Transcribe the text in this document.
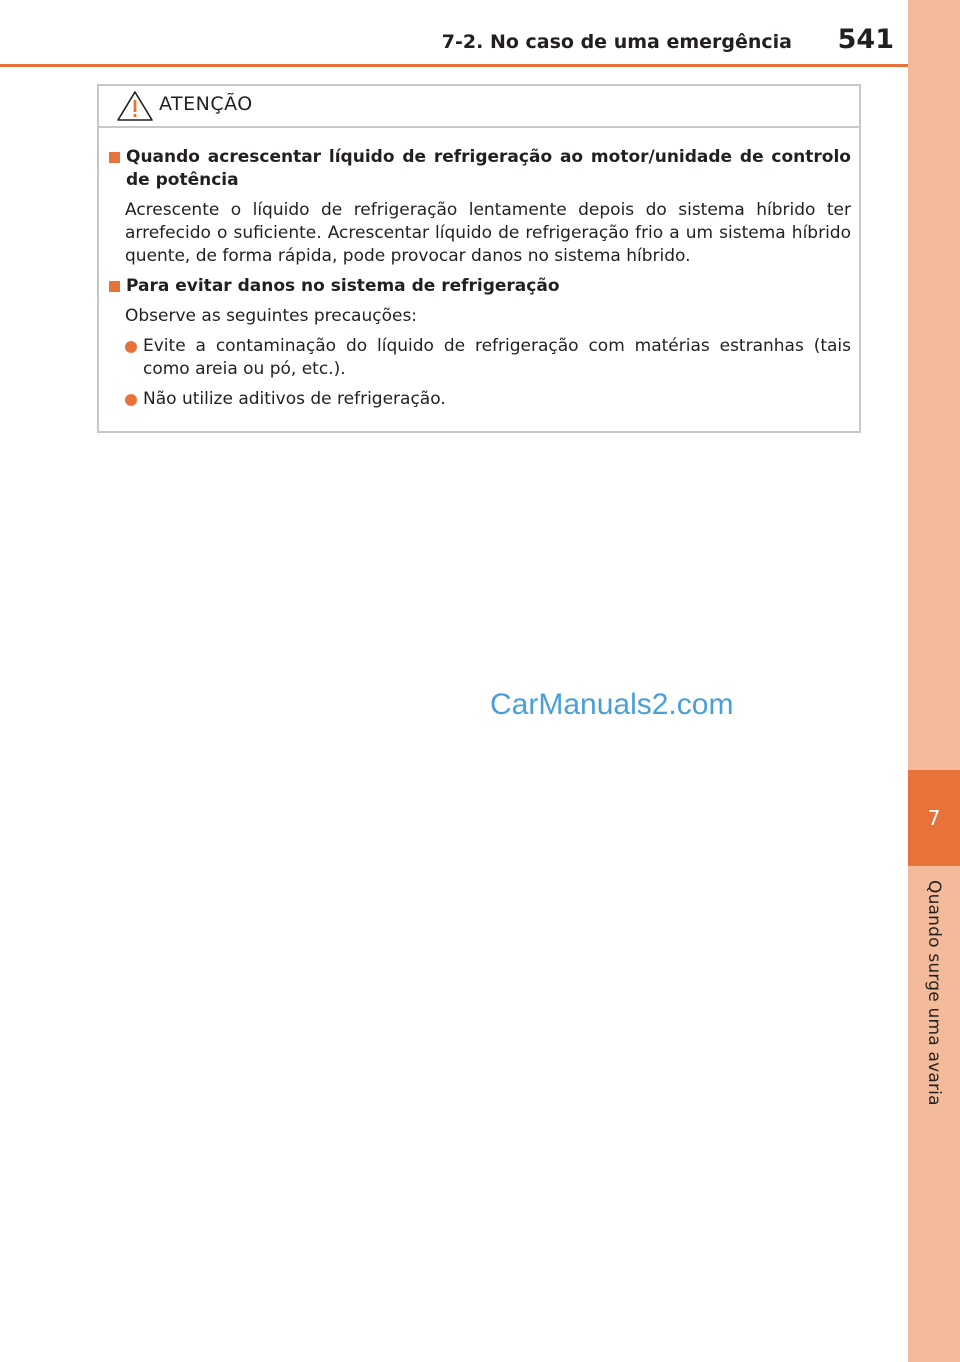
7
Quando surge uma avaria
7-2. No caso de uma emergência 541
ATENÇÃO
Quando acrescentar líquido de refrigeração ao motor/unidade de controlo de potência
Acrescente o líquido de refrigeração lentamente depois do sistema híbrido ter arrefecido o suficiente. Acrescentar líquido de refrigeração frio a um sistema híbrido quente, de forma rápida, pode provocar danos no sistema híbrido.
Para evitar danos no sistema de refrigeração
Observe as seguintes precauções:
Evite a contaminação do líquido de refrigeração com matérias estranhas (tais como areia ou pó, etc.).
Não utilize aditivos de refrigeração.
CarManuals2.com
